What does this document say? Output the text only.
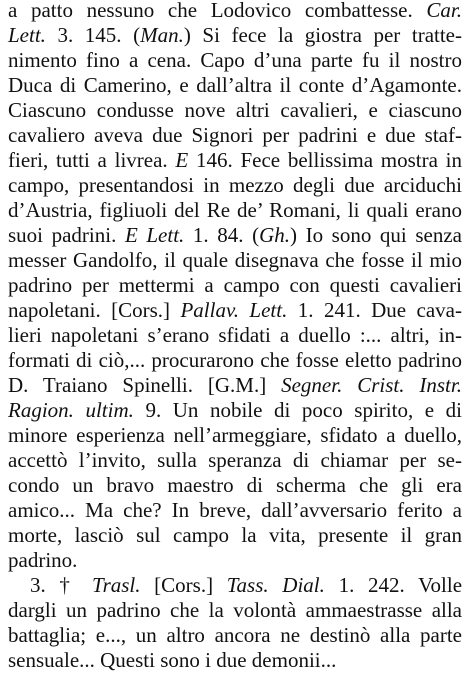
a patto nessuno che Lodovico combattesse. Car.
Lett. 3. 145. (Man.) Si fece la giostra per tratte-
nimento fino a cena. Capo d’una parte fu il nostro
Duca di Camerino, e dall’altra il conte d’Agamonte.
Ciascuno condusse nove altri cavalieri, e ciascuno
cavaliero aveva due Signori per padrini e due staf-
fieri, tutti a livrea. E 146. Fece bellissima mostra in
campo, presentandosi in mezzo degli due arciduchi
d’Austria, figliuoli del Re de’ Romani, li quali erano
suoi padrini. E Lett. 1. 84. (Gh.) Io sono qui senza
messer Gandolfo, il quale disegnava che fosse il mio
padrino per mettermi a campo con questi cavalieri
napoletani. [Cors.] Pallav. Lett. 1. 241. Due cava-
lieri napoletani s’erano sfidati a duello :... altri, in-
formati di ciò,... procurarono che fosse eletto padrino
D. Traiano Spinelli. [G.M.] Segner. Crist. Instr.
Ragion. ultim. 9. Un nobile di poco spirito, e di
minore esperienza nell’armeggiare, sfidato a duello,
accettò l’invito, sulla speranza di chiamar per se-
condo un bravo maestro di scherma che gli era
amico... Ma che? In breve, dall’avversario ferito a
morte, lasciò sul campo la vita, presente il gran
padrino.
3. † Trasl. [Cors.] Tass. Dial. 1. 242. Volle
dargli un padrino che la volontà ammaestrasse alla
battaglia; e..., un altro ancora ne destinò alla parte
sensuale... Questi sono i due demonii...
